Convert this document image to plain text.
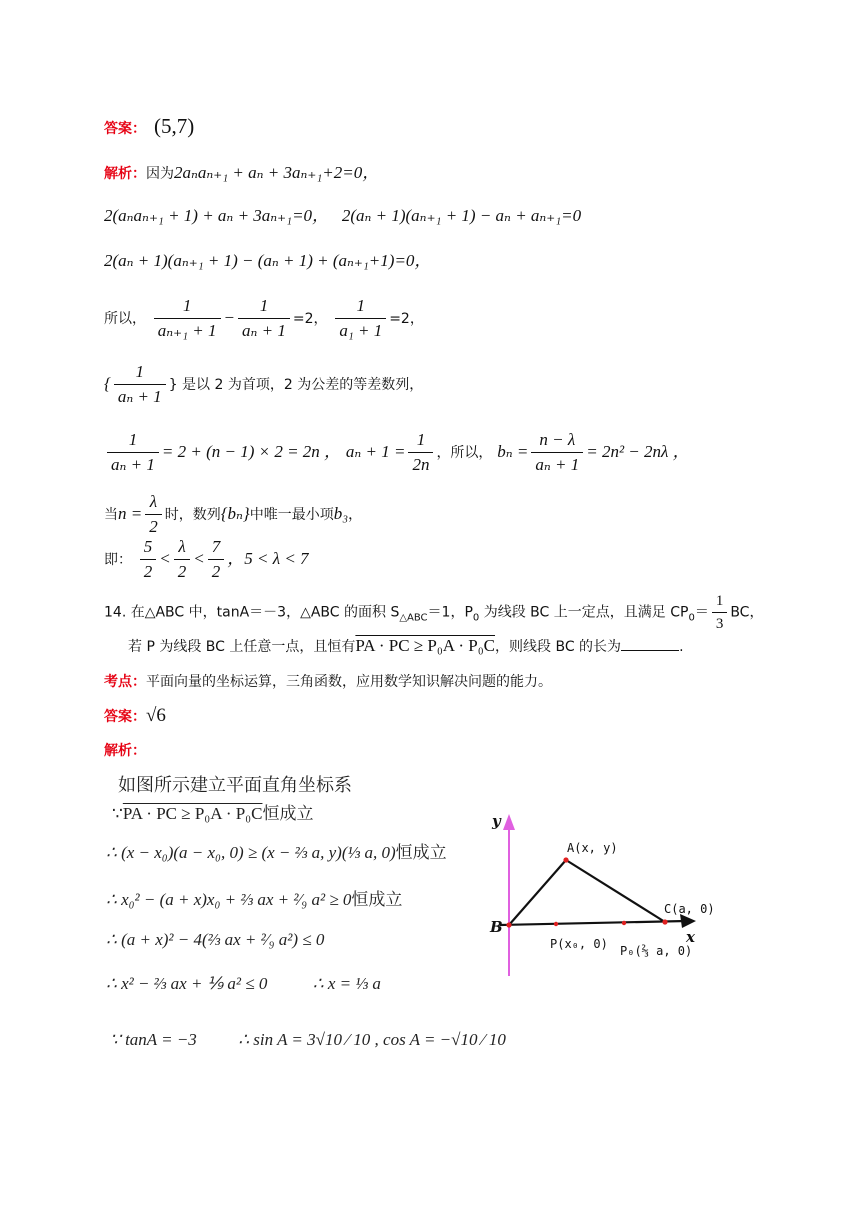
答案： (5,7)
解析：因为2aₙaₙ₊₁ + aₙ + 3aₙ₊₁+2=0，
2(aₙaₙ₊₁ + 1) + aₙ + 3aₙ₊₁=0， 2(aₙ + 1)(aₙ₊₁ + 1) − aₙ + aₙ₊₁=0
2(aₙ + 1)(aₙ₊₁ + 1) − (aₙ + 1) + (aₙ₊₁+1)=0，
所以， $\frac{1}{\text{aₙ₊₁ + 1}} - \frac{1}{\text{aₙ + 1}} =2$， $\frac{1}{\text{a₁ + 1}} =2$，
{ $\frac{1}{\text{aₙ + 1}}$ } 是以 2 为首项，2 为公差的等差数列，
$\frac{1}{\text{aₙ + 1}} = 2 + (n - 1) \times 2 = 2n$ ， $a_n + 1 = \frac{1}{2n}$ ，所以， $b_n = \frac{n - \lambda}{\text{aₙ + 1}} = 2n^2 - 2n\lambda$ ，
当$n = \frac{\lambda}{2}$ 时，数列{bₙ}中唯一最小项b₃，
即： $\frac{5}{2} < \frac{\lambda}{2} < \frac{7}{2}$ ，5 < λ < 7
14. 在△ABC 中，tanA＝－3，△ABC 的面积 $S_{\triangle ABC}=1$，$P_0$ 为线段 BC 上一定点，且满足 $CP_0= \frac{1}{3}$ BC，
若 P 为线段 BC 上任意一点，且恒有PA · PC ≥ P₀A · P₀C，则线段 BC 的长为	.
考点：平面向量的坐标运算，三角函数，应用数学知识解决问题的能力。
答案：√6
解析：
如图所示建立平面直角坐标系
∵PA · PC ≥ P₀A · P₀C恒成立
∴ (x − x₀)(a − x₀, 0) ≥ (x − ⅔ a, y)(⅓ a, 0)恒成立
∴ x₀² − (a + x)x₀ + ⅔ ax + ²⁄₉ a² ≥ 0恒成立
∴ (a + x)² − 4(⅔ ax + ²⁄₉ a²) ≤ 0
∴ x² − ⅔ ax + ⅑ a² ≤ 0	∴ x = ⅓ a
∵ tanA = −3 ∴ sin A = 3√10 ⁄ 10 , cos A = −√10 ⁄ 10
y
x
B
A(x, y)
C(a, 0)
P(x₀, 0) P₀(⅔ a, 0)
